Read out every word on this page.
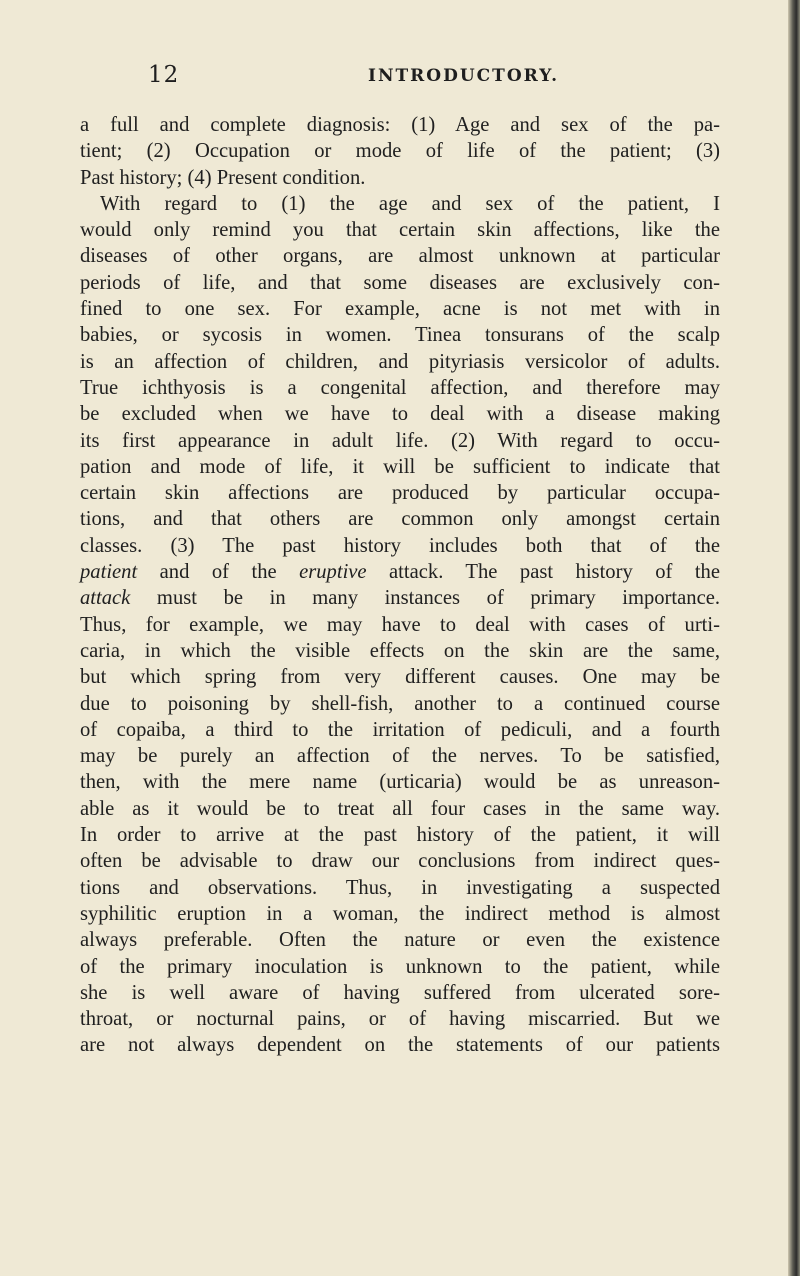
12	INTRODUCTORY.
a full and complete diagnosis: (1) Age and sex of the pa-
tient; (2) Occupation or mode of life of the patient; (3)
Past history; (4) Present condition.
With regard to (1) the age and sex of the patient, I
would only remind you that certain skin affections, like the
diseases of other organs, are almost unknown at particular
periods of life, and that some diseases are exclusively con-
fined to one sex. For example, acne is not met with in
babies, or sycosis in women. Tinea tonsurans of the scalp
is an affection of children, and pityriasis versicolor of adults.
True ichthyosis is a congenital affection, and therefore may
be excluded when we have to deal with a disease making
its first appearance in adult life. (2) With regard to occu-
pation and mode of life, it will be sufficient to indicate that
certain skin affections are produced by particular occupa-
tions, and that others are common only amongst certain
classes. (3) The past history includes both that of the
patient and of the eruptive attack. The past history of the
attack must be in many instances of primary importance.
Thus, for example, we may have to deal with cases of urti-
caria, in which the visible effects on the skin are the same,
but which spring from very different causes. One may be
due to poisoning by shell-fish, another to a continued course
of copaiba, a third to the irritation of pediculi, and a fourth
may be purely an affection of the nerves. To be satisfied,
then, with the mere name (urticaria) would be as unreason-
able as it would be to treat all four cases in the same way.
In order to arrive at the past history of the patient, it will
often be advisable to draw our conclusions from indirect ques-
tions and observations. Thus, in investigating a suspected
syphilitic eruption in a woman, the indirect method is almost
always preferable. Often the nature or even the existence
of the primary inoculation is unknown to the patient, while
she is well aware of having suffered from ulcerated sore-
throat, or nocturnal pains, or of having miscarried. But we
are not always dependent on the statements of our patients
